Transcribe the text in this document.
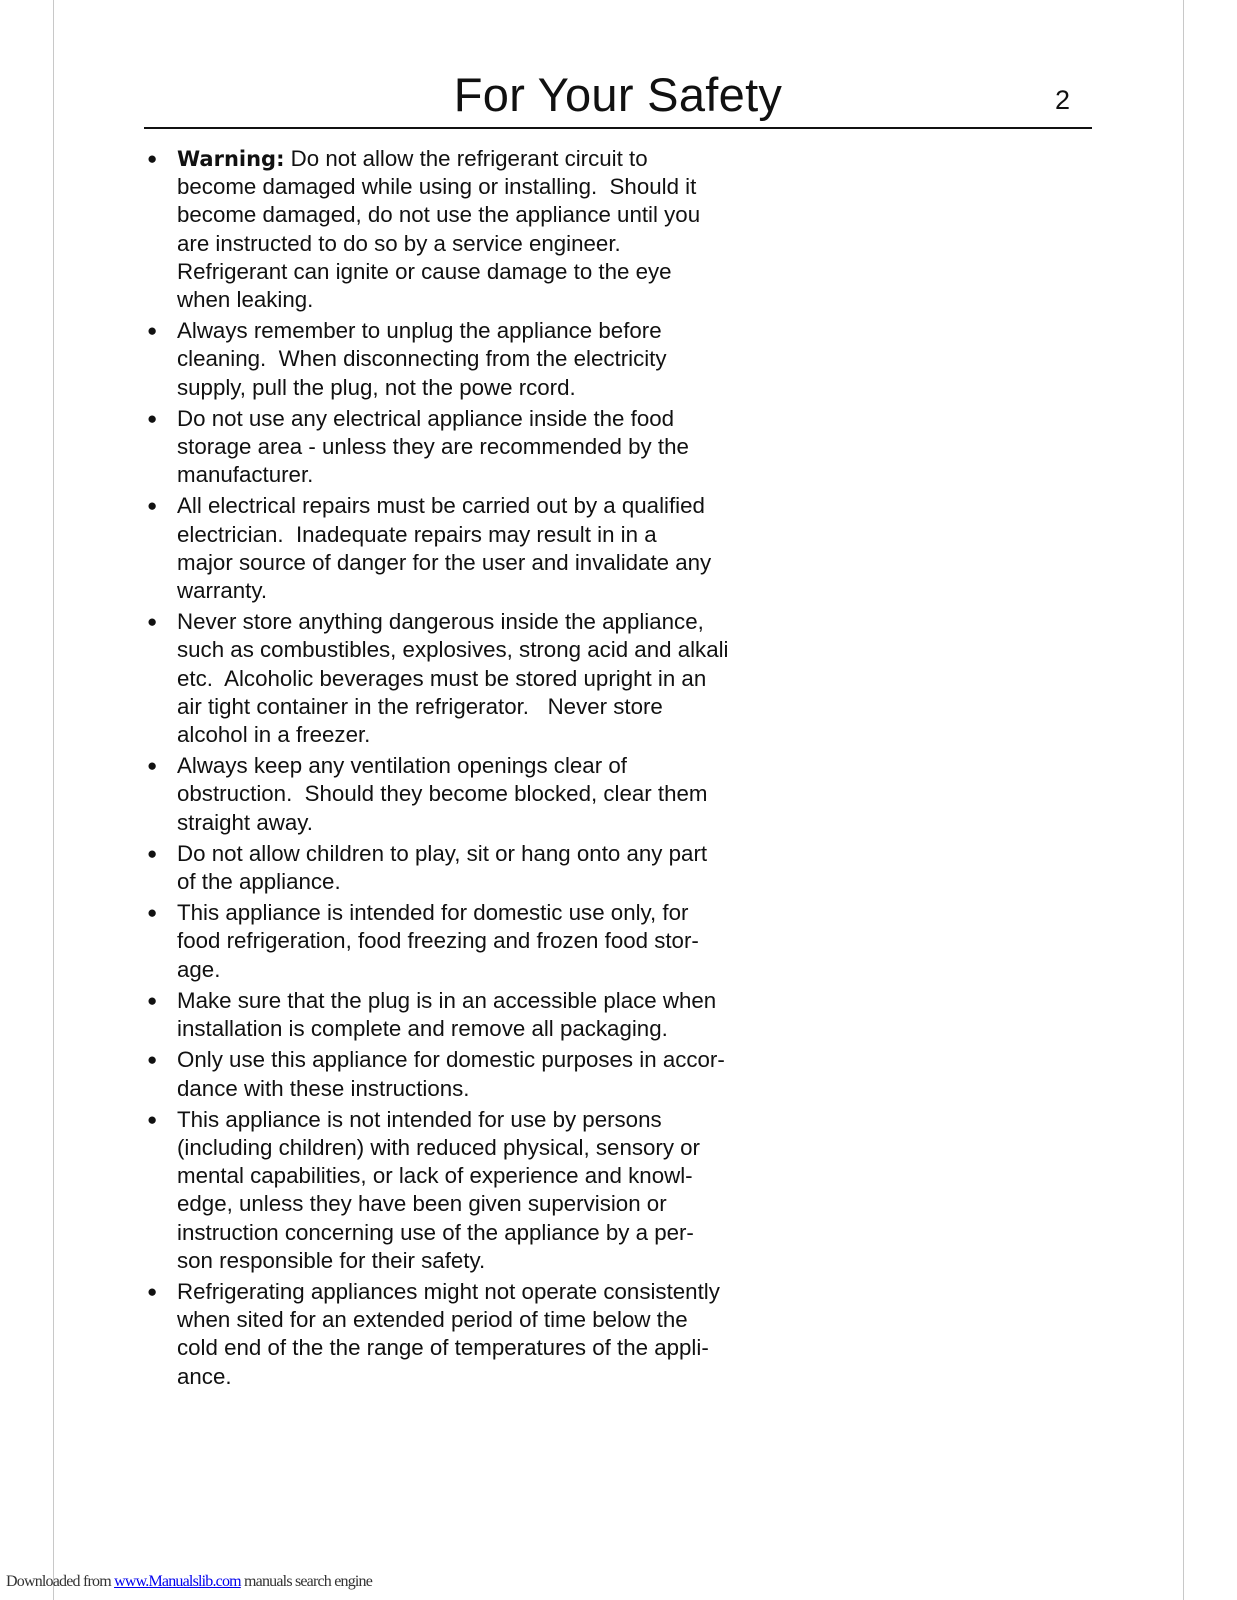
For Your Safety	2
● Warning: Do not allow the refrigerant circuit to
become damaged while using or installing.  Should it
become damaged, do not use the appliance until you
are instructed to do so by a service engineer.
Refrigerant can ignite or cause damage to the eye
when leaking.
● Always remember to unplug the appliance before
cleaning.  When disconnecting from the electricity
supply, pull the plug, not the powe rcord.
● Do not use any electrical appliance inside the food
storage area - unless they are recommended by the
manufacturer.
● All electrical repairs must be carried out by a qualified
electrician.  Inadequate repairs may result in in a
major source of danger for the user and invalidate any
warranty.
● Never store anything dangerous inside the appliance,
such as combustibles, explosives, strong acid and alkali
etc.  Alcoholic beverages must be stored upright in an
air tight container in the refrigerator.   Never store
alcohol in a freezer.
● Always keep any ventilation openings clear of
obstruction.  Should they become blocked, clear them
straight away.
● Do not allow children to play, sit or hang onto any part
of the appliance.
● This appliance is intended for domestic use only, for
food refrigeration, food freezing and frozen food stor-
age.
● Make sure that the plug is in an accessible place when
installation is complete and remove all packaging.
● Only use this appliance for domestic purposes in accor-
dance with these instructions.
● This appliance is not intended for use by persons
(including children) with reduced physical, sensory or
mental capabilities, or lack of experience and knowl-
edge, unless they have been given supervision or
instruction concerning use of the appliance by a per-
son responsible for their safety.
● Refrigerating appliances might not operate consistently
when sited for an extended period of time below the
cold end of the the range of temperatures of the appli-
ance.
Downloaded from www.Manualslib.com manuals search engine
